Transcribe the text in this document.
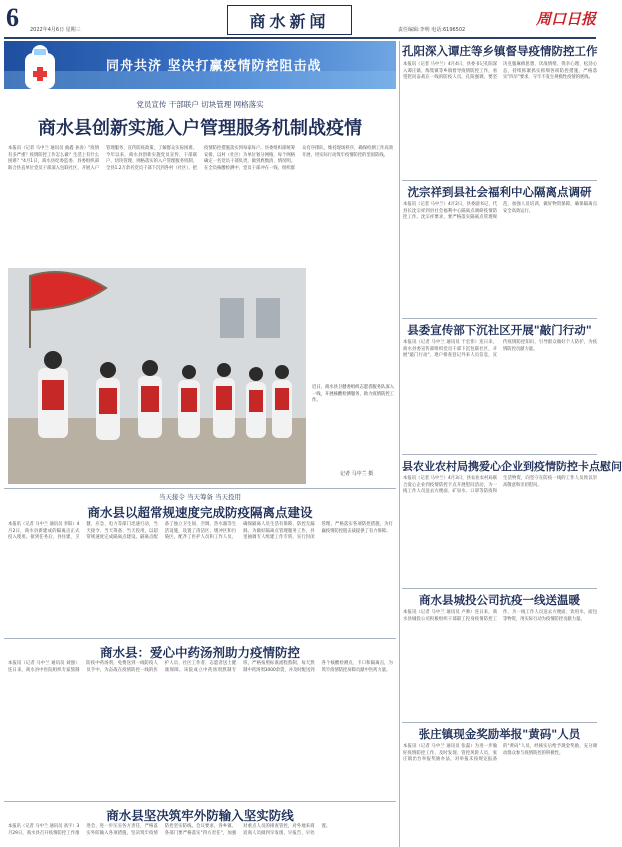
6 2022年4月6日 星期三	商水新闻	责任编辑:李明 电话:6196502
周口日报
同舟共济 坚决打赢疫情防控阻击战
党员宣传 干部联户 切块管理 网格落实
商水县创新实施入户管理服务机制战疫情
本报讯（记者 马中兰 通讯员 曲鑫 孙涛）"疫情有多严重？疫情防控工作怎么做？生活上有什么困难？"4月1日，商水县纪委监委、县委组织部联合县直单位党员干部深入包联社区，开展入户管理服务，宣传防疫政策，了解群众实际困难。今年以来，商水县创新实施党员宣传、干部联户、切块管理、网格落实的入户管理服务机制，全县1.2万余名党员干部下沉到各村（社区），把疫情防控措施落实到每家每户。县委组织部统筹安排，以村（社区）为单位划分网格，每个网格确定一名党员干部负责，做到底数清、情况明。在全员核酸检测中，党员干部冲在一线，组织群众有序排队，维持现场秩序，确保检测工作高效开展，用实际行动筑牢疫情防控的坚固防线。
近日，商水县卫健委组织志愿者服务队深入一线，开展核酸检测服务，助力疫情防控工作。
记者 马中兰 摄
当天接令 当天筹备 当天投用
商水县以超常规速度完成防疫隔离点建设
本报讯（记者 马中兰 通讯员 李阳）4月2日，商水县新建成的隔离点正式投入使用。接到任务后，县住建、卫健、应急、电力等部门迅速行动，当天接令、当天筹备、当天投用，以超常规速度完成隔离点建设。隔离点配备了独立卫生间、空调、热水器等生活设施，设置了清洁区、缓冲区和污染区，配齐了医护人员和工作人员，确保隔离人员生活有保障、防控无漏洞。为做好隔离点管理服务工作，县里抽调专人组建工作专班，实行封闭管理，严格落实各项防控措施，为打赢疫情防控阻击战提供了有力保障。
商水县：爱心中药汤剂助力疫情防控
本报讯（记者 马中兰 通讯员 刘强）连日来，商水县中医院组织专家熬制防疫中药汤剂，免费送到一线防疫人员手中，为奋战在疫情防控一线的医护人员、社区工作者、志愿者送上健康保障。该院成立中药汤剂熬制专班，严格按照标准流程熬制，每天熬制中药汤剂3000余袋，并及时配送到各个核酸检测点、卡口和隔离点，为筑牢疫情防控屏障贡献中医药力量。
商水县坚决筑牢外防输入坚实防线
本报讯（记者 马中兰 通讯员 高宇）3月29日，商水县召开疫情防控工作推进会，进一步压实各方责任，严格落实外防输入各项措施，坚决筑牢疫情防控坚实防线。会议要求，各乡镇、各部门要严格落实"四方责任"，加强对重点人员的排查管控，对外地来商返商人员做到早发现、早报告、早处置。
孔阳深入谭庄等乡镇督导疫情防控工作
本报讯（记者 马中兰）4月4日，县委书记孔阳深入谭庄镇、练集镇等乡镇督导疫情防控工作，看望慰问奋战在一线的防疫人员。孔阳强调，要坚决克服麻痹思想、厌战情绪、侥幸心理、松劲心态，持续抓紧抓实抓细各项防控措施，严格落实"四早"要求，守牢不发生规模性疫情的底线。
沈宗祥到县社会福利中心隔离点调研
本报讯（记者 马中兰）4月2日，县委副书记、代县长沈宗祥到县社会福利中心隔离点调研疫情防控工作。沈宗祥要求，要严格落实隔离点管理规范，加强人员培训，做好物资保障，确保隔离点安全高效运行。
县委宣传部下沉社区开展"敲门行动"
本报讯（记者 马中兰 通讯员 于宏伟）连日来，商水县委宣传部组织党员干部下沉包联社区，开展"敲门行动"，逐户排查登记外来人员信息，宣传疫情防控知识，引导群众做好个人防护，为疫情防控贡献力量。
县农业农村局携爱心企业到疫情防控卡点慰问
本报讯（记者 马中兰）4月3日，县农业农村局联合爱心企业到疫情防控卡点开展慰问活动，为一线工作人员送去方便面、矿泉水、口罩等防疫和生活物资，向坚守在防疫一线的工作人员致以崇高敬意和亲切慰问。
商水县城投公司抗疫一线送温暖
本报讯（记者 马中兰 通讯员 卢帅）连日来，商水县城投公司积极组织干部职工投身疫情防控工作，为一线工作人员送去方便面、饮用水、面包等物资，用实际行动为疫情防控贡献力量。
张庄镇现金奖励举报"黄码"人员
本报讯（记者 马中兰 通讯员 张磊）为进一步做好疫情防控工作，及时发现、管控风险人员，张庄镇出台举报奖励办法，对举报未按规定报备的"黄码"人员，经核实后给予现金奖励，充分调动群众参与疫情防控的积极性。
